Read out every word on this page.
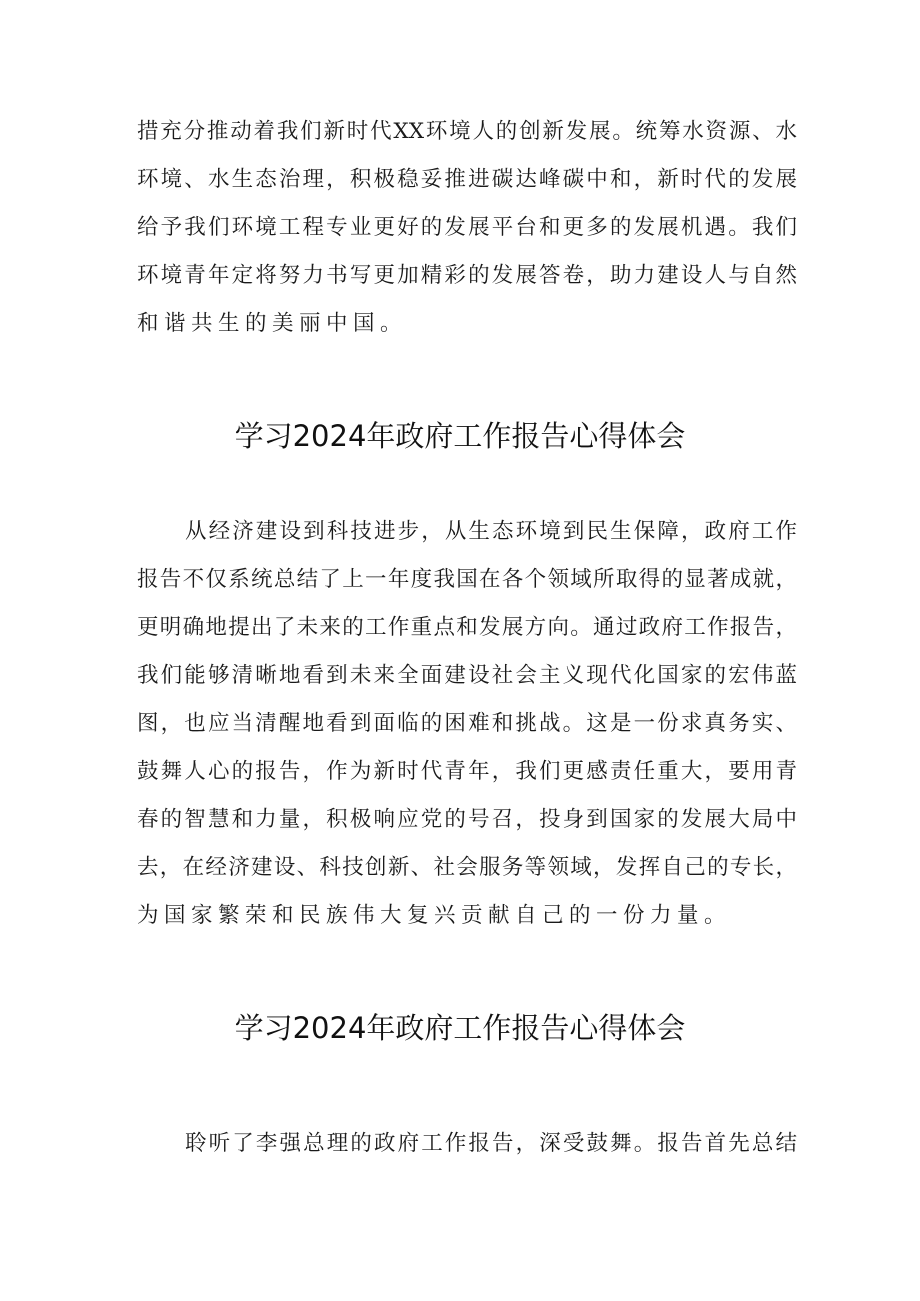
措充分推动着我们新时代XX环境人的创新发展。统筹水资源、水
环境、水生态治理，积极稳妥推进碳达峰碳中和，新时代的发展
给予我们环境工程专业更好的发展平台和更多的发展机遇。我们
环境青年定将努力书写更加精彩的发展答卷，助力建设人与自然
和谐共生的美丽中国。
学习2024年政府工作报告心得体会
从经济建设到科技进步，从生态环境到民生保障，政府工作
报告不仅系统总结了上一年度我国在各个领域所取得的显著成就，
更明确地提出了未来的工作重点和发展方向。通过政府工作报告，
我们能够清晰地看到未来全面建设社会主义现代化国家的宏伟蓝
图，也应当清醒地看到面临的困难和挑战。这是一份求真务实、
鼓舞人心的报告，作为新时代青年，我们更感责任重大，要用青
春的智慧和力量，积极响应党的号召，投身到国家的发展大局中
去，在经济建设、科技创新、社会服务等领域，发挥自己的专长，
为国家繁荣和民族伟大复兴贡献自己的一份力量。
学习2024年政府工作报告心得体会
聆听了李强总理的政府工作报告，深受鼓舞。报告首先总结
